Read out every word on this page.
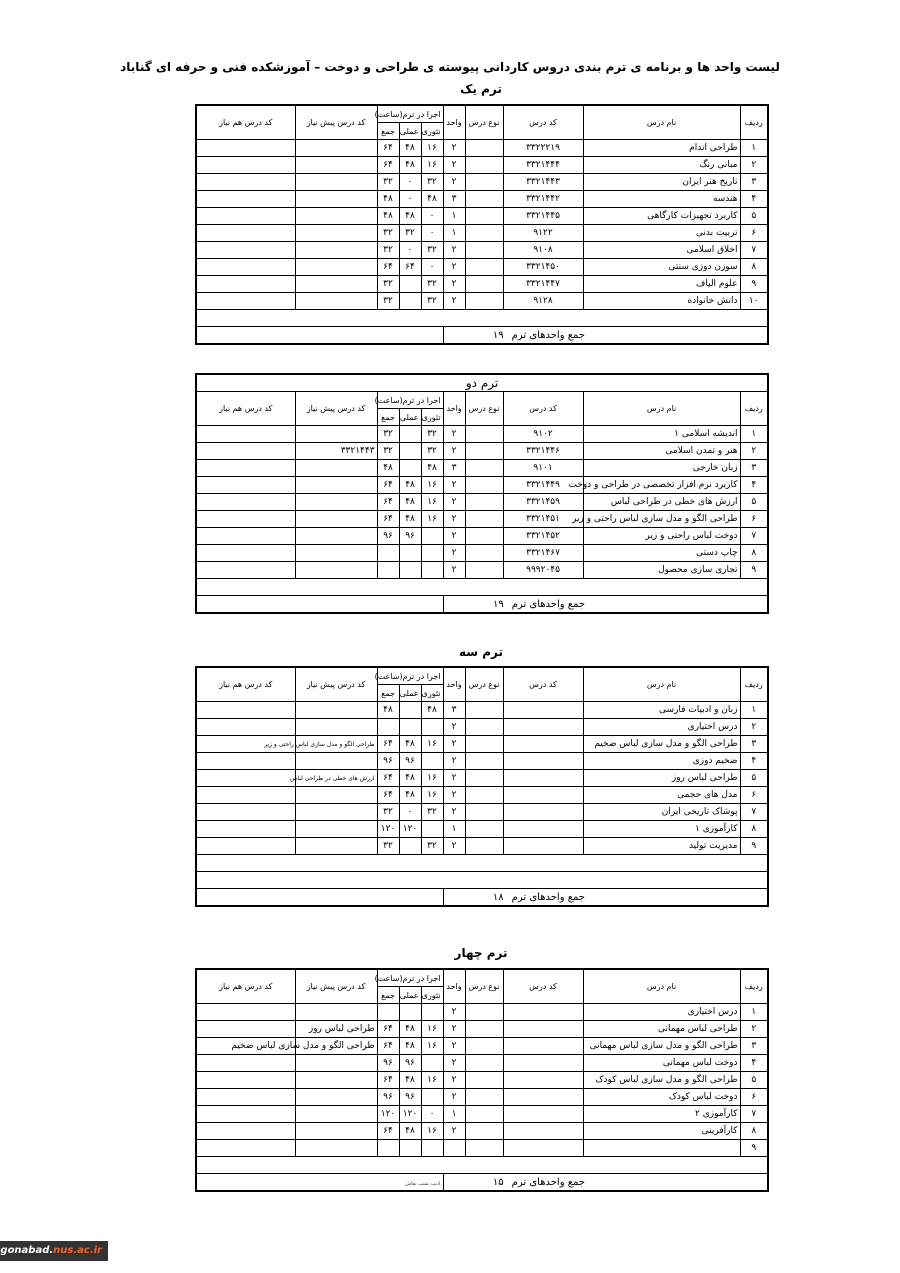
لیست واحد ها و برنامه ی ترم بندی دروس کاردانی پیوسته ی طراحی و دوخت – آموزشکده فنی و حرفه ای گناباد
ترم یک
ردیف	نام درس	کد درس	نوع درس	واحد	اجرا در ترم(ساعت)			کد درس پیش نیاز	کد درس هم نیاز
					تئوری	عملی	جمع		
۱	طراحی اندام	۳۳۲۲۲۱۹		۲	۱۶	۴۸	۶۴		
۲	مبانی رنگ	۳۳۲۱۴۴۴		۲	۱۶	۴۸	۶۴		
۳	تاریخ هنر ایران	۳۳۲۱۴۴۳		۲	۳۲	۰	۳۲		
۴	هندسه	۳۳۲۱۴۴۲		۳	۴۸	۰	۴۸		
۵	کاربرد تجهیزات کارگاهی	۳۳۲۱۴۴۵		۱	۰	۴۸	۴۸		
۶	تربیت بدنی	۹۱۲۲		۱	۰	۳۲	۳۲		
۷	اخلاق اسلامی	۹۱۰۸		۲	۳۲	۰	۳۲		
۸	سوزن دوزی سنتی	۳۳۲۱۴۵۰		۲	۰	۶۴	۶۴		
۹	علوم الیاف	۳۳۲۱۴۴۷		۲	۳۲		۳۲		
۱۰	دانش خانواده	۹۱۲۸		۲	۳۲		۳۲		

جمع واحدهای ترم۱۹									
ترم دو									
ردیف	نام درس	کد درس	نوع درس	واحد	اجرا در ترم(ساعت)			کد درس پیش نیاز	کد درس هم نیاز
					تئوری	عملی	جمع		
۱	اندیشه اسلامی ۱	۹۱۰۲		۲	۳۲		۳۲		
۲	هنر و تمدن اسلامی	۳۳۲۱۴۴۶		۲	۳۲		۳۲	۳۳۲۱۴۴۳	
۳	زبان خارجی	۹۱۰۱		۳	۴۸		۴۸		
۴	کاربرد نرم افزار تخصصی در طراحی و دوخت	۳۳۲۱۴۴۹		۲	۱۶	۴۸	۶۴		
۵	ارزش های خطی در طراحی لباس	۳۳۲۱۴۵۹		۲	۱۶	۴۸	۶۴		
۶	طراحی الگو و مدل سازی لباس راحتی و زیر	۳۳۲۱۴۵۱		۲	۱۶	۴۸	۶۴		
۷	دوخت لباس راحتی و زیر	۳۳۲۱۴۵۲		۲		۹۶	۹۶		
۸	چاپ دستی	۳۳۲۱۴۶۷		۲					
۹	تجاری سازی محصول	۹۹۹۲۰۴۵		۲					

جمع واحدهای ترم۱۹									
ترم سه
ردیف	نام درس	کد درس	نوع درس	واحد	اجرا در ترم(ساعت)			کد درس پیش نیاز	کد درس هم نیاز
					تئوری	عملی	جمع		
۱	زبان و ادبیات فارسی			۳	۴۸		۴۸		
۲	درس اختیاری			۲					
۳	طراحی الگو و مدل سازی لباس ضخیم			۲	۱۶	۴۸	۶۴	طراحی الگو و مدل سازی لباس راحتی و زیر	
۴	ضخیم دوزی			۲		۹۶	۹۶		
۵	طراحی لباس روز			۲	۱۶	۴۸	۶۴	ارزش های خطی در طراحی لباس	
۶	مدل های حجمی			۲	۱۶	۴۸	۶۴		
۷	پوشاک تاریخی ایران			۲	۳۲	۰	۳۲		
۸	کارآموزی ۱			۱		۱۲۰	۱۲۰		
۹	مدیریت تولید			۲	۳۲		۳۲		

جمع واحدهای ترم۱۸									
ترم چهار
ردیف	نام درس	کد درس	نوع درس	واحد	اجرا در ترم(ساعت)			کد درس پیش نیاز	کد درس هم نیاز
					تئوری	عملی	جمع		
۱	درس اختیاری			۲					
۲	طراحی لباس مهمانی			۲	۱۶	۴۸	۶۴	طراحی لباس روز	
۳	طراحی الگو و مدل سازی لباس مهمانی			۲	۱۶	۴۸	۶۴	طراحی الگو و مدل سازی لباس ضخیم	
۴	دوخت لباس مهمانی			۲		۹۶	۹۶		
۵	طراحی الگو و مدل سازی لباس کودک			۲	۱۶	۴۸	۶۴		
۶	دوخت لباس کودک			۲		۹۶	۹۶		
۷	کارآموزی ۲			۱	۰	۱۲۰	۱۲۰		
۸	کارآفرینی			۲	۱۶	۴۸	۶۴		
۹									

جمع واحدهای ترم۱۵					ادیب نسب نقاش				
gonabad.nus.ac.ir
